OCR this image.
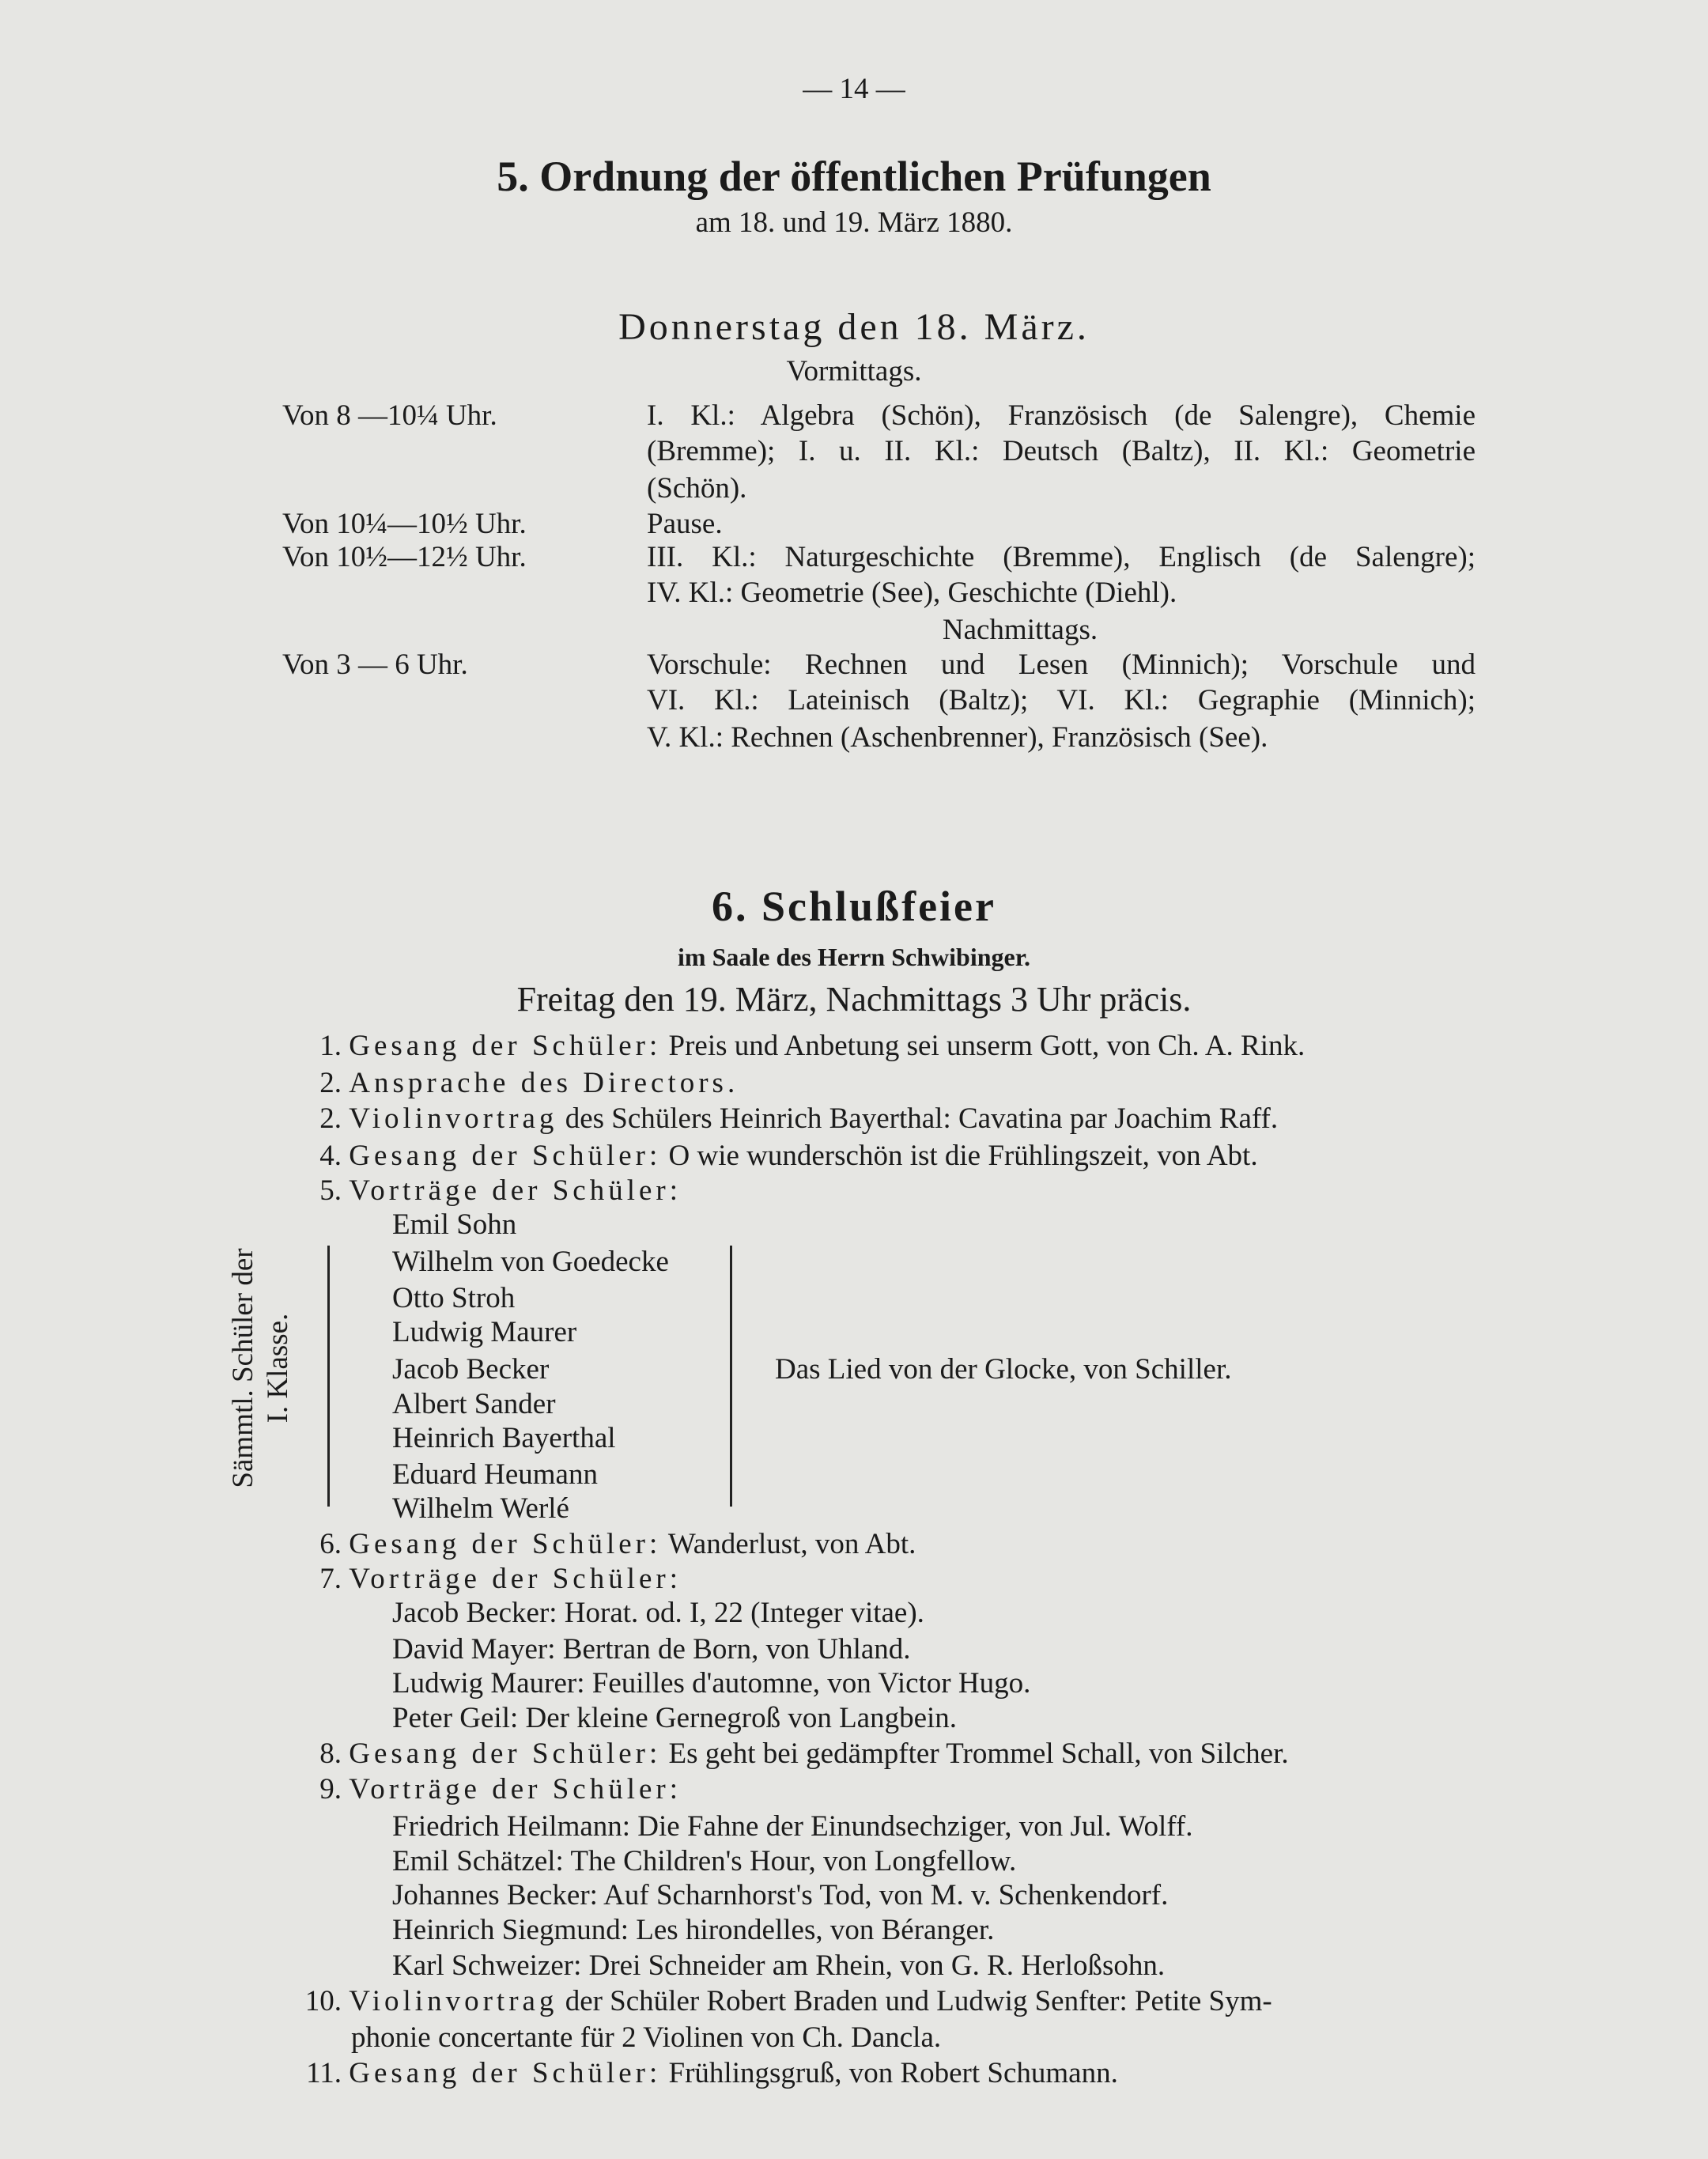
— 14 —
5. Ordnung der öffentlichen Prüfungen
am 18. und 19. März 1880.
Donnerstag den 18. März.
Vormittags.
Von 8 —10¼ Uhr.	I. Kl.: Algebra (Schön), Französisch (de Salengre), Chemie
(Bremme); I. u. II. Kl.: Deutsch (Baltz), II. Kl.: Geometrie
(Schön).
Von 10¼—10½ Uhr.	Pause.
Von 10½—12½ Uhr.	III. Kl.: Naturgeschichte (Bremme), Englisch (de Salengre);
IV. Kl.: Geometrie (See), Geschichte (Diehl).
Nachmittags.
Von 3 — 6 Uhr.	Vorschule: Rechnen und Lesen (Minnich); Vorschule und
VI. Kl.: Lateinisch (Baltz); VI. Kl.: Gegraphie (Minnich);
V. Kl.: Rechnen (Aschenbrenner), Französisch (See).
6. Schlußfeier
im Saale des Herrn Schwibinger.
Freitag den 19. März, Nachmittags 3 Uhr präcis.
1. Gesang der Schüler: Preis und Anbetung sei unserm Gott, von Ch. A. Rink.
2. Ansprache des Directors.
2. Violinvortrag des Schülers Heinrich Bayerthal: Cavatina par Joachim Raff.
4. Gesang der Schüler: O wie wunderschön ist die Frühlingszeit, von Abt.
5. Vorträge der Schüler:
Sämmtl. Schüler der I. Klasse.
Emil Sohn
Wilhelm von Goedecke
Otto Stroh
Ludwig Maurer
Jacob Becker
Albert Sander
Heinrich Bayerthal
Eduard Heumann
Wilhelm Werlé
Das Lied von der Glocke, von Schiller.
6. Gesang der Schüler: Wanderlust, von Abt.
7. Vorträge der Schüler:
Jacob Becker: Horat. od. I, 22 (Integer vitae).
David Mayer: Bertran de Born, von Uhland.
Ludwig Maurer: Feuilles d'automne, von Victor Hugo.
Peter Geil: Der kleine Gernegroß von Langbein.
8. Gesang der Schüler: Es geht bei gedämpfter Trommel Schall, von Silcher.
9. Vorträge der Schüler:
Friedrich Heilmann: Die Fahne der Einundsechziger, von Jul. Wolff.
Emil Schätzel: The Children's Hour, von Longfellow.
Johannes Becker: Auf Scharnhorst's Tod, von M. v. Schenkendorf.
Heinrich Siegmund: Les hirondelles, von Béranger.
Karl Schweizer: Drei Schneider am Rhein, von G. R. Herloßsohn.
10. Violinvortrag der Schüler Robert Braden und Ludwig Senfter: Petite Sym-
phonie concertante für 2 Violinen von Ch. Dancla.
11. Gesang der Schüler: Frühlingsgruß, von Robert Schumann.
